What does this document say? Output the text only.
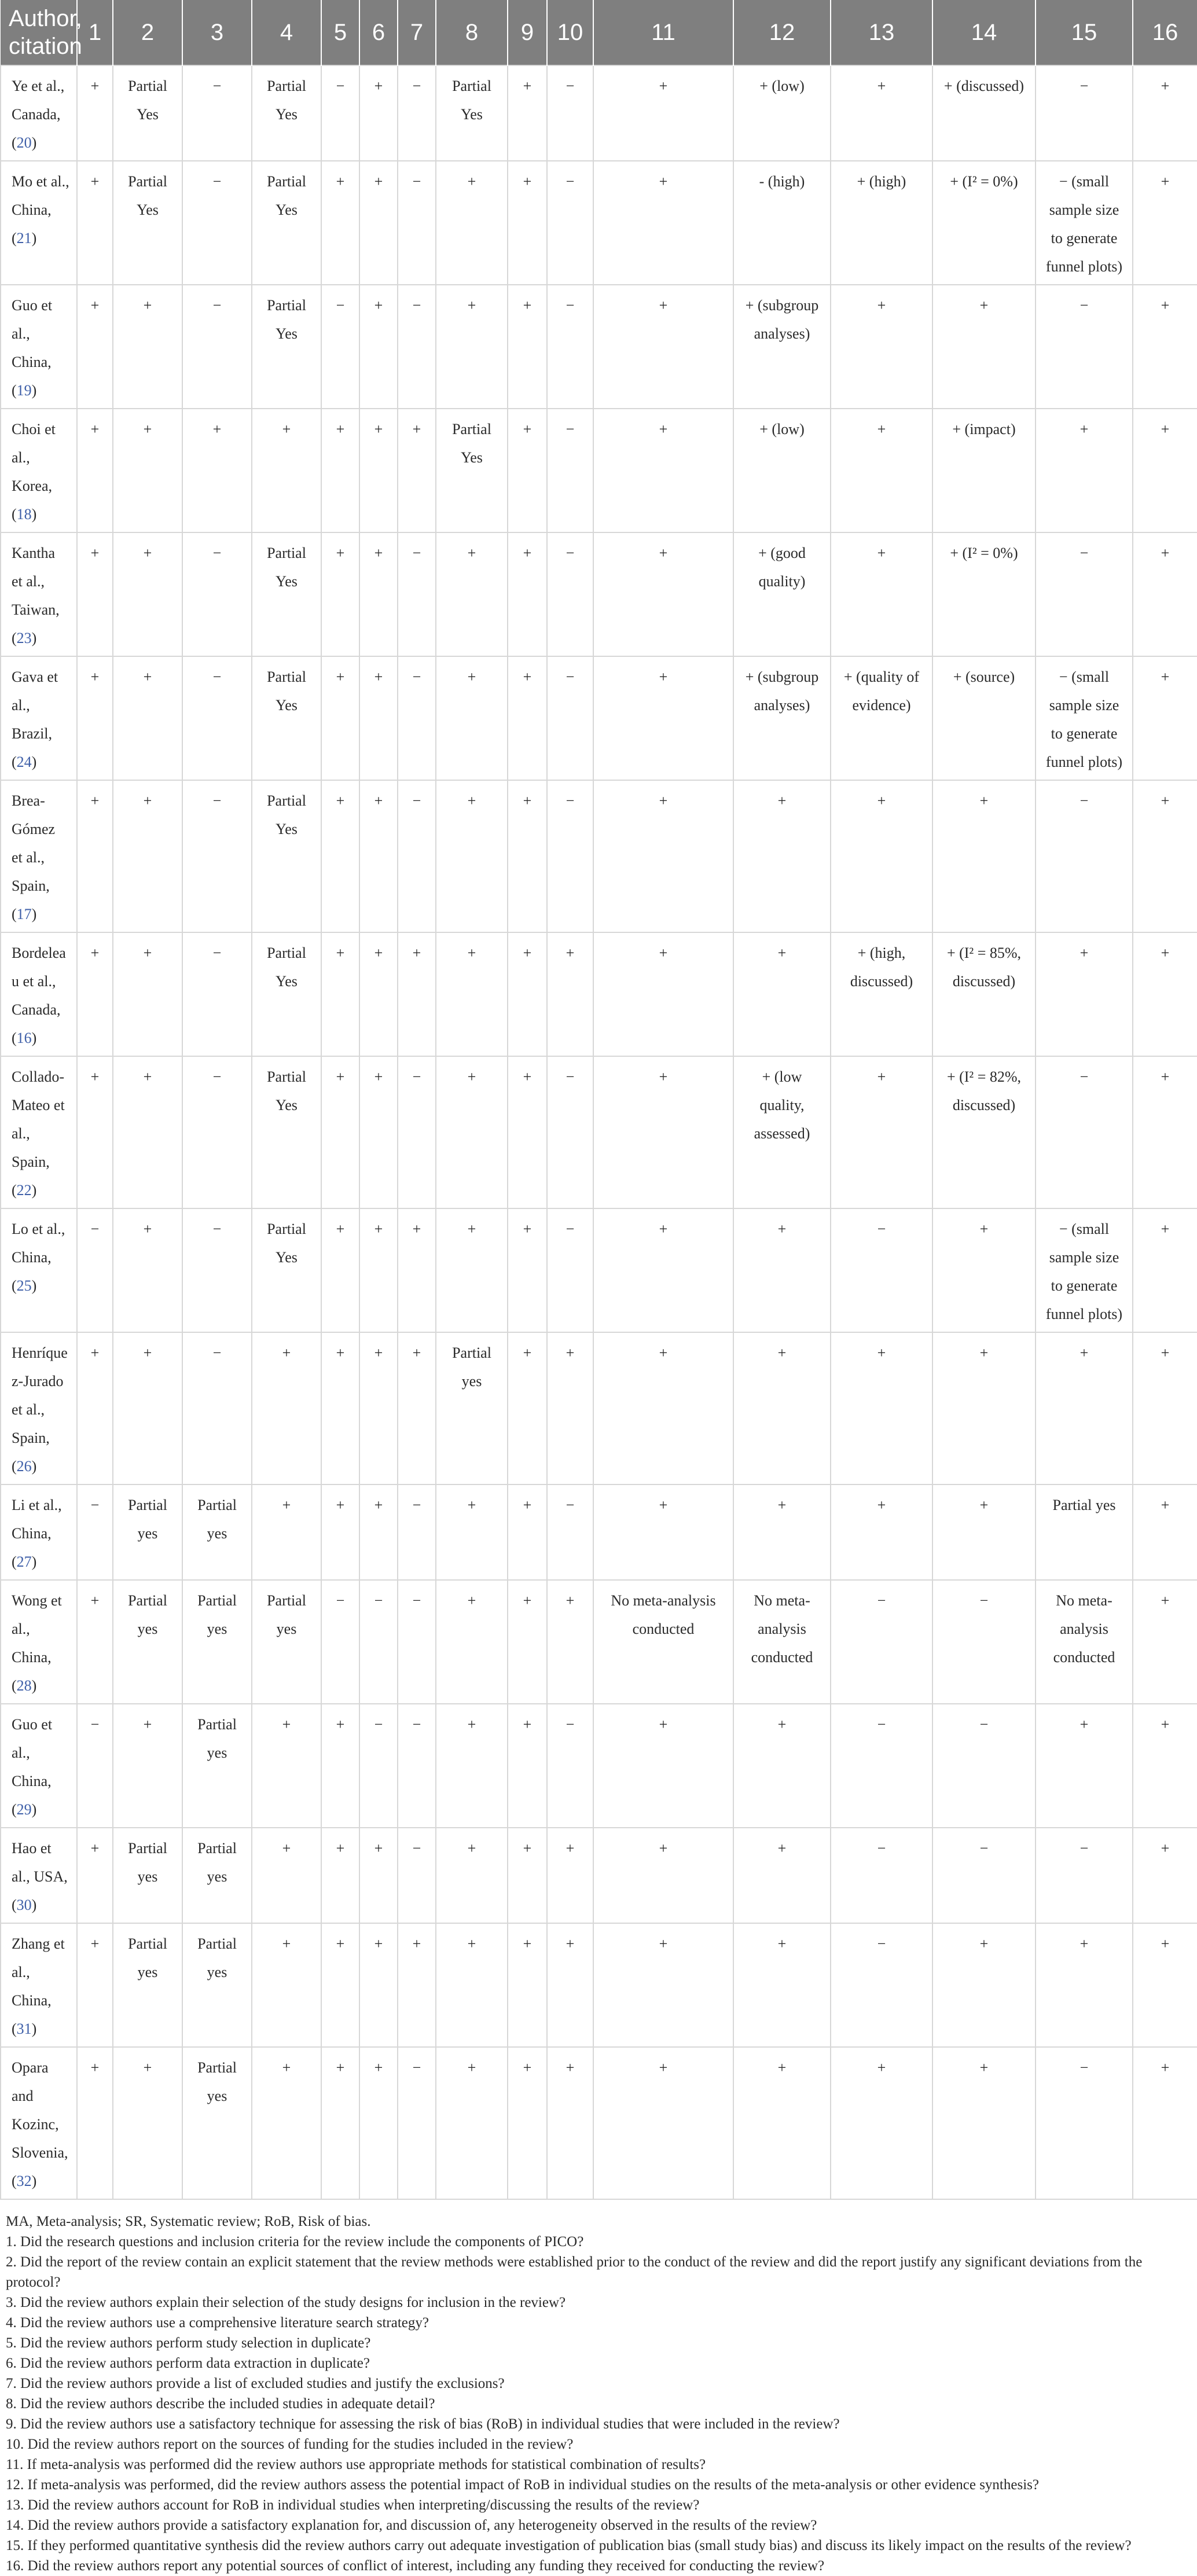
Author, citation	1	2	3	4	5	6	7	8	9	10	11	12	13	14	15	16
Ye et al., Canada, (20)	+	Partial Yes	−	Partial Yes	−	+	−	Partial Yes	+	−	+	+ (low)	+	+ (discussed)	−	+
Mo et al., China, (21)	+	Partial Yes	−	Partial Yes	+	+	−	+	+	−	+	- (high)	+ (high)	+ (I² = 0%)	− (small sample size to generate funnel plots)	+
Guo et al., China, (19)	+	+	−	Partial Yes	−	+	−	+	+	−	+	+ (subgroup analyses)	+	+	−	+
Choi et al., Korea, (18)	+	+	+	+	+	+	+	Partial Yes	+	−	+	+ (low)	+	+ (impact)	+	+
Kantha et al., Taiwan, (23)	+	+	−	Partial Yes	+	+	−	+	+	−	+	+ (good quality)	+	+ (I² = 0%)	−	+
Gava et al., Brazil, (24)	+	+	−	Partial Yes	+	+	−	+	+	−	+	+ (subgroup analyses)	+ (quality of evidence)	+ (source)	− (small sample size to generate funnel plots)	+
Brea-Gómez et al., Spain, (17)	+	+	−	Partial Yes	+	+	−	+	+	−	+	+	+	+	−	+
Bordeleau et al., Canada, (16)	+	+	−	Partial Yes	+	+	+	+	+	+	+	+	+ (high, discussed)	+ (I² = 85%, discussed)	+	+
Collado-Mateo et al., Spain, (22)	+	+	−	Partial Yes	+	+	−	+	+	−	+	+ (low quality, assessed)	+	+ (I² = 82%, discussed)	−	+
Lo et al., China, (25)	−	+	−	Partial Yes	+	+	+	+	+	−	+	+	−	+	− (small sample size to generate funnel plots)	+
Henríquez-Jurado et al., Spain, (26)	+	+	−	+	+	+	+	Partial yes	+	+	+	+	+	+	+	+
Li et al., China, (27)	−	Partial yes	Partial yes	+	+	+	−	+	+	−	+	+	+	+	Partial yes	+
Wong et al., China, (28)	+	Partial yes	Partial yes	Partial yes	−	−	−	+	+	+	No meta-analysis conducted	No meta-analysis conducted	−	−	No meta-analysis conducted	+
Guo et al., China, (29)	−	+	Partial yes	+	+	−	−	+	+	−	+	+	−	−	+	+
Hao et al., USA, (30)	+	Partial yes	Partial yes	+	+	+	−	+	+	+	+	+	−	−	−	+
Zhang et al., China, (31)	+	Partial yes	Partial yes	+	+	+	+	+	+	+	+	+	−	+	+	+
Opara and Kozinc, Slovenia, (32)	+	+	Partial yes	+	+	+	−	+	+	+	+	+	+	+	−	+

MA, Meta-analysis; SR, Systematic review; RoB, Risk of bias.

1. Did the research questions and inclusion criteria for the review include the components of PICO?

2. Did the report of the review contain an explicit statement that the review methods were established prior to the conduct of the review and did the report justify any significant deviations from the protocol?

3. Did the review authors explain their selection of the study designs for inclusion in the review?

4. Did the review authors use a comprehensive literature search strategy?

5. Did the review authors perform study selection in duplicate?

6. Did the review authors perform data extraction in duplicate?

7. Did the review authors provide a list of excluded studies and justify the exclusions?

8. Did the review authors describe the included studies in adequate detail?

9. Did the review authors use a satisfactory technique for assessing the risk of bias (RoB) in individual studies that were included in the review?

10. Did the review authors report on the sources of funding for the studies included in the review?

11. If meta-analysis was performed did the review authors use appropriate methods for statistical combination of results?

12. If meta-analysis was performed, did the review authors assess the potential impact of RoB in individual studies on the results of the meta-analysis or other evidence synthesis?

13. Did the review authors account for RoB in individual studies when interpreting/discussing the results of the review?

14. Did the review authors provide a satisfactory explanation for, and discussion of, any heterogeneity observed in the results of the review?

15. If they performed quantitative synthesis did the review authors carry out adequate investigation of publication bias (small study bias) and discuss its likely impact on the results of the review?

16. Did the review authors report any potential sources of conflict of interest, including any funding they received for conducting the review?
